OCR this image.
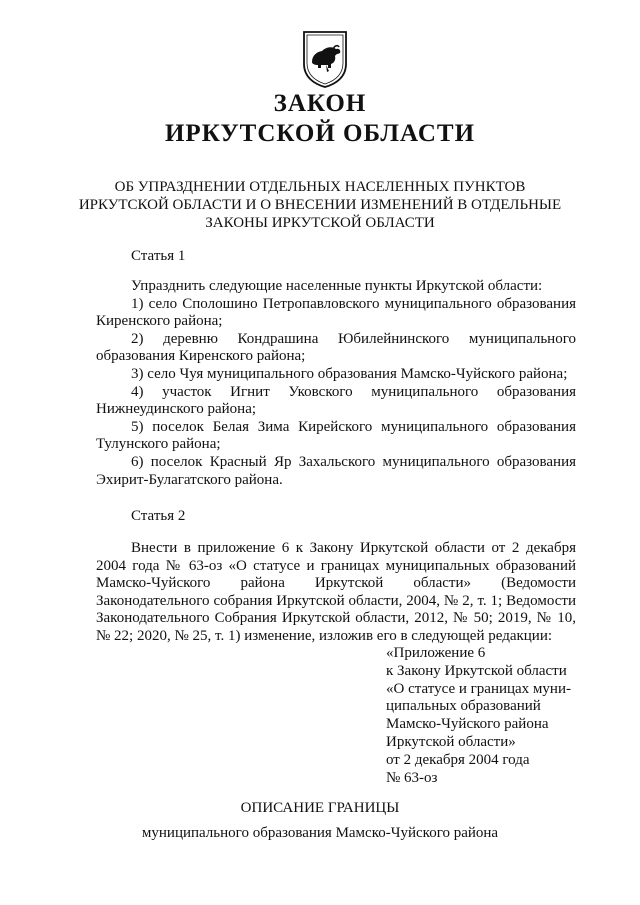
ЗАКОН
ИРКУТСКОЙ ОБЛАСТИ
ОБ УПРАЗДНЕНИИ ОТДЕЛЬНЫХ НАСЕЛЕННЫХ ПУНКТОВ
ИРКУТСКОЙ ОБЛАСТИ И О ВНЕСЕНИИ ИЗМЕНЕНИЙ В ОТДЕЛЬНЫЕ
ЗАКОНЫ ИРКУТСКОЙ ОБЛАСТИ
Статья 1

Упразднить следующие населенные пункты Иркутской области:

1) село Сполошино Петропавловского муниципального образования Киренского района;

2) деревню Кондрашина Юбилейнинского муниципального образования Киренского района;

3) село Чуя муниципального образования Мамско-Чуйского района;

4) участок Игнит Уковского муниципального образования Нижнеудинского района;

5) поселок Белая Зима Кирейского муниципального образования Тулунского района;

6) поселок Красный Яр Захальского муниципального образования Эхирит-Булагатского района.

Статья 2

Внести в приложение 6 к Закону Иркутской области от 2 декабря 2004 года № 63-оз «О статусе и границах муниципальных образований Мамско-Чуйского района Иркутской области» (Ведомости Законодательного собрания Иркутской области, 2004, № 2, т. 1; Ведомости Законодательного Собрания Иркутской области, 2012, № 50; 2019, № 10, № 22; 2020, № 25, т. 1) изменение, изложив его в следующей редакции:

«Приложение 6
к Закону Иркутской области
«О статусе и границах муни-
ципальных образований
Мамско-Чуйского района
Иркутской области»
от 2 декабря 2004 года
№ 63-оз
ОПИСАНИЕ ГРАНИЦЫ
муниципального образования Мамско-Чуйского района
